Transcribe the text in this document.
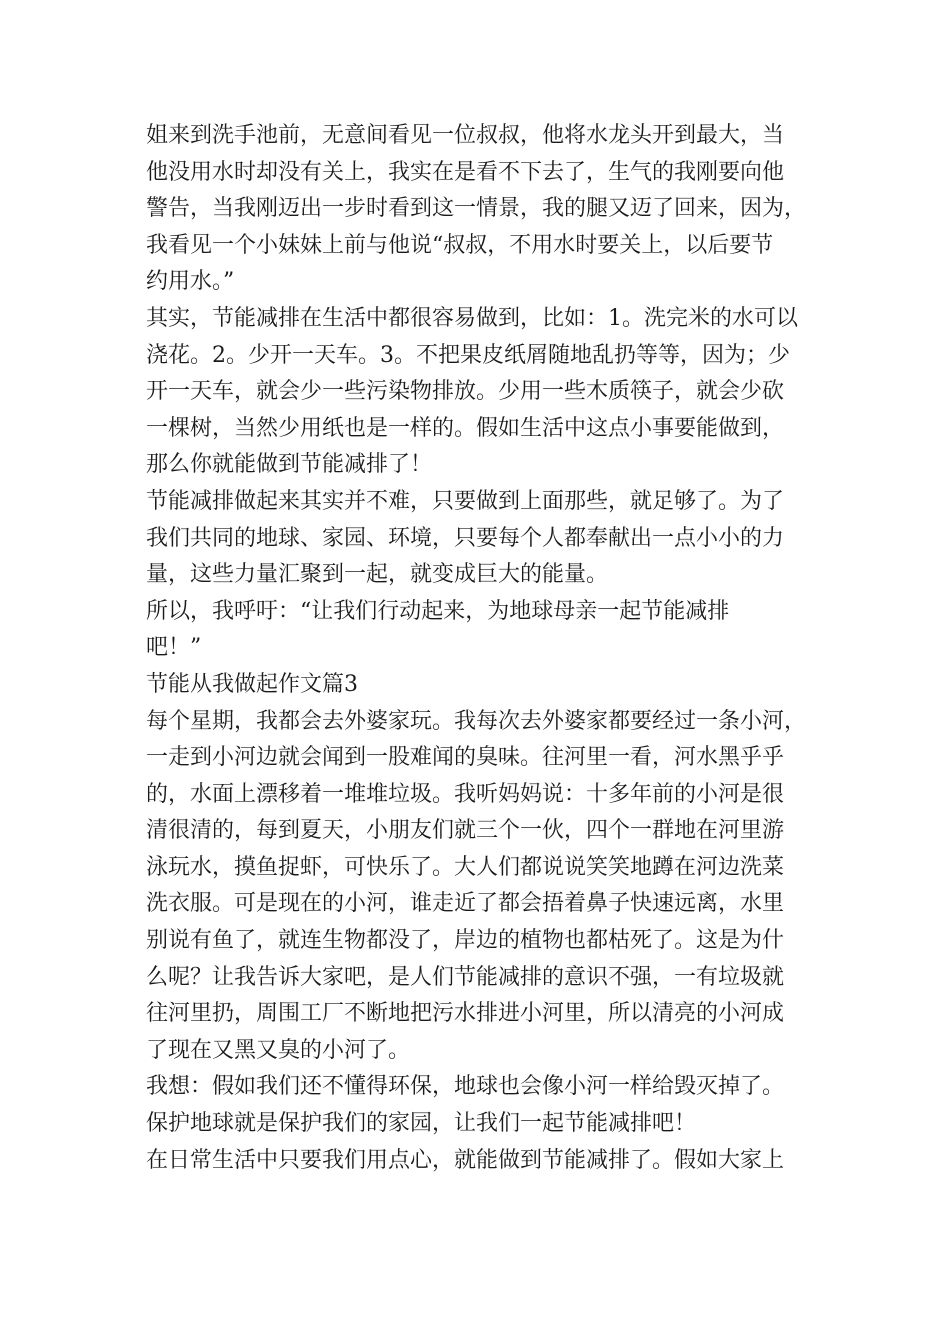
姐来到洗手池前，无意间看见一位叔叔，他将水龙头开到最大，当
他没用水时却没有关上，我实在是看不下去了，生气的我刚要向他
警告，当我刚迈出一步时看到这一情景，我的腿又迈了回来，因为，
我看见一个小妹妹上前与他说“叔叔，不用水时要关上，以后要节
约用水。”

其实，节能减排在生活中都很容易做到，比如：1。洗完米的水可以
浇花。2。少开一天车。3。不把果皮纸屑随地乱扔等等，因为；少
开一天车，就会少一些污染物排放。少用一些木质筷子，就会少砍
一棵树，当然少用纸也是一样的。假如生活中这点小事要能做到，
那么你就能做到节能减排了！

节能减排做起来其实并不难，只要做到上面那些，就足够了。为了
我们共同的地球、家园、环境，只要每个人都奉献出一点小小的力
量，这些力量汇聚到一起，就变成巨大的能量。

所以，我呼吁：“让我们行动起来，为地球母亲一起节能减排
吧！”

节能从我做起作文篇3

每个星期，我都会去外婆家玩。我每次去外婆家都要经过一条小河，
一走到小河边就会闻到一股难闻的臭味。往河里一看，河水黑乎乎
的，水面上漂移着一堆堆垃圾。我听妈妈说：十多年前的小河是很
清很清的，每到夏天，小朋友们就三个一伙，四个一群地在河里游
泳玩水，摸鱼捉虾，可快乐了。大人们都说说笑笑地蹲在河边洗菜
洗衣服。可是现在的小河，谁走近了都会捂着鼻子快速远离，水里
别说有鱼了，就连生物都没了，岸边的植物也都枯死了。这是为什
么呢？让我告诉大家吧，是人们节能减排的意识不强，一有垃圾就
往河里扔，周围工厂不断地把污水排进小河里，所以清亮的小河成
了现在又黑又臭的小河了。

我想：假如我们还不懂得环保，地球也会像小河一样给毁灭掉了。
保护地球就是保护我们的家园，让我们一起节能减排吧！

在日常生活中只要我们用点心，就能做到节能减排了。假如大家上
